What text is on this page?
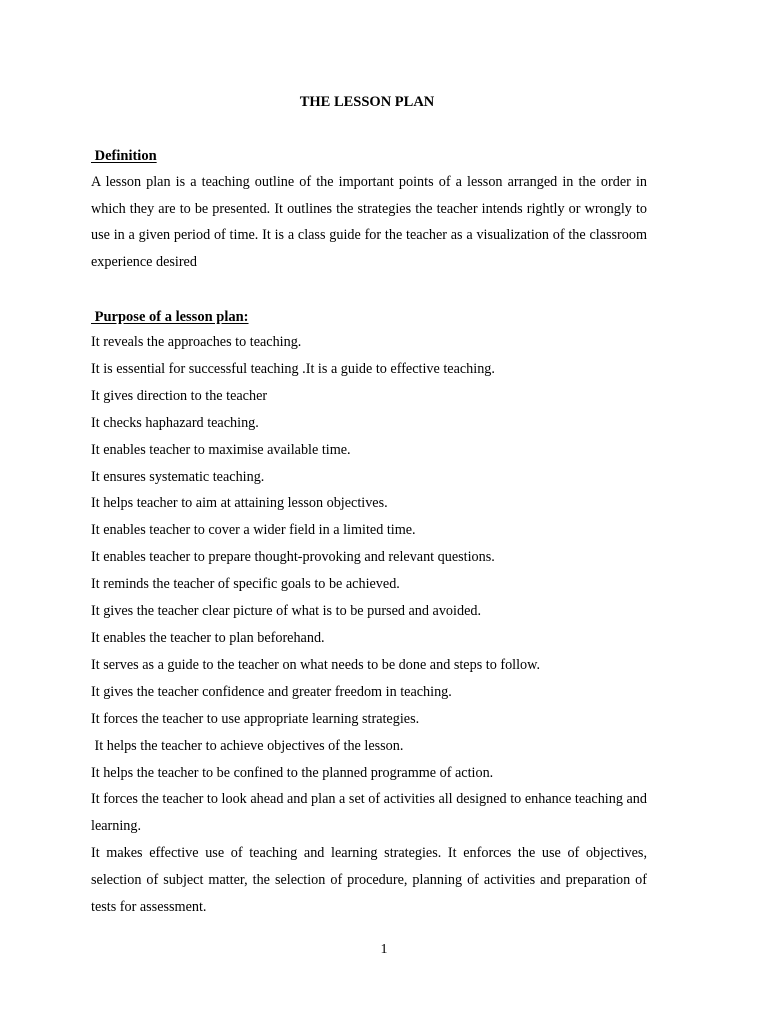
THE LESSON PLAN
Definition
A lesson plan is a teaching outline of the important points of a lesson arranged in the order in which they are to be presented. It outlines the strategies the teacher intends rightly or wrongly to use in a given period of time. It is a class guide for the teacher as a visualization of the classroom experience desired
Purpose of a lesson plan:
It reveals the approaches to teaching.
It is essential for successful teaching .It is a guide to effective teaching.
It gives direction to the teacher
It checks haphazard teaching.
It enables teacher to maximise available time.
It ensures systematic teaching.
It helps teacher to aim at attaining lesson objectives.
It enables teacher to cover a wider field in a limited time.
It enables teacher to prepare thought-provoking and relevant questions.
It reminds the teacher of specific goals to be achieved.
It gives the teacher clear picture of what is to be pursed and avoided.
It enables the teacher to plan beforehand.
It serves as a guide to the teacher on what needs to be done and steps to follow.
It gives the teacher confidence and greater freedom in teaching.
It forces the teacher to use appropriate learning strategies.
It helps the teacher to achieve objectives of the lesson.
It helps the teacher to be confined to the planned programme of action.
It forces the teacher to look ahead and plan a set of activities all designed to enhance teaching and learning.
It makes effective use of teaching and learning strategies. It enforces the use of objectives, selection of subject matter, the selection of procedure, planning of activities and preparation of tests for assessment.
1
